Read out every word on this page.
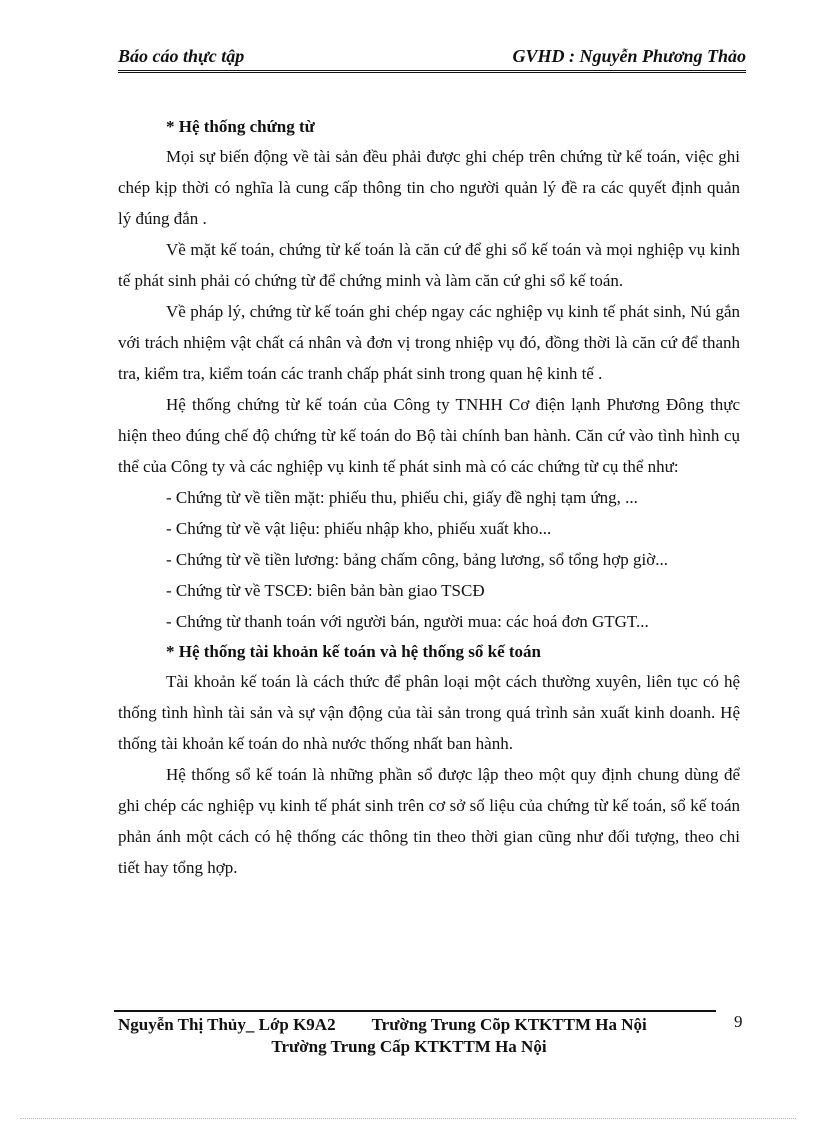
Báo cáo thực tập	GVHD : Nguyễn Phương Thảo
* Hệ thống chứng từ

Mọi sự biến động về tài sản đều phải được ghi chép trên chứng từ kế toán, việc ghi chép kịp thời có nghĩa là cung cấp thông tin cho người quản lý đề ra các quyết định quản lý đúng đắn .

Về mặt kế toán, chứng từ kế toán là căn cứ để ghi sổ kế toán và mọi nghiệp vụ kinh tế phát sinh phải có chứng từ để chứng minh và làm căn cứ ghi sổ kế toán.

Về pháp lý, chứng từ kế toán ghi chép ngay các nghiệp vụ kinh tế phát sinh, Nú gắn với trách nhiệm vật chất cá nhân và đơn vị trong nhiệp vụ đó, đồng thời là căn cứ để thanh tra, kiểm tra, kiểm toán các tranh chấp phát sinh trong quan hệ kinh tế .

Hệ thống chứng từ kế toán của Công ty TNHH Cơ điện lạnh Phương Đông thực hiện theo đúng chế độ chứng từ kế toán do Bộ tài chính ban hành. Căn cứ vào tình hình cụ thể của Công ty và các nghiệp vụ kinh tế phát sinh mà có các chứng từ cụ thể như:

- Chứng từ về tiền mặt: phiếu thu, phiếu chi, giấy đề nghị tạm ứng, ...
- Chứng từ về vật liệu: phiếu nhập kho, phiếu xuất kho...
- Chứng từ về tiền lương: bảng chấm công, bảng lương, sổ tổng hợp giờ...
- Chứng từ về TSCĐ: biên bản bàn giao TSCĐ
- Chứng từ thanh toán với người bán, người mua: các hoá đơn GTGT...
* Hệ thống tài khoản kế toán và hệ thống sổ kế toán

Tài khoản kế toán là cách thức để phân loại một cách thường xuyên, liên tục có hệ thống tình hình tài sản và sự vận động của tài sản trong quá trình sản xuất kinh doanh. Hệ thống tài khoản kế toán do nhà nước thống nhất ban hành.

Hệ thống sổ kế toán là những phần sổ được lập theo một quy định chung dùng để ghi chép các nghiệp vụ kinh tế phát sinh trên cơ sở số liệu của chứng từ kế toán, sổ kế toán phản ánh một cách có hệ thống các thông tin theo thời gian cũng như đối tượng, theo chi tiết hay tổng hợp.

Nguyễn Thị Thủy_ Lớp K9A2 Trường Trung Cõp KTKTTM Ha Nội
Trường Trung Cấp KTKTTM Ha Nội
9
